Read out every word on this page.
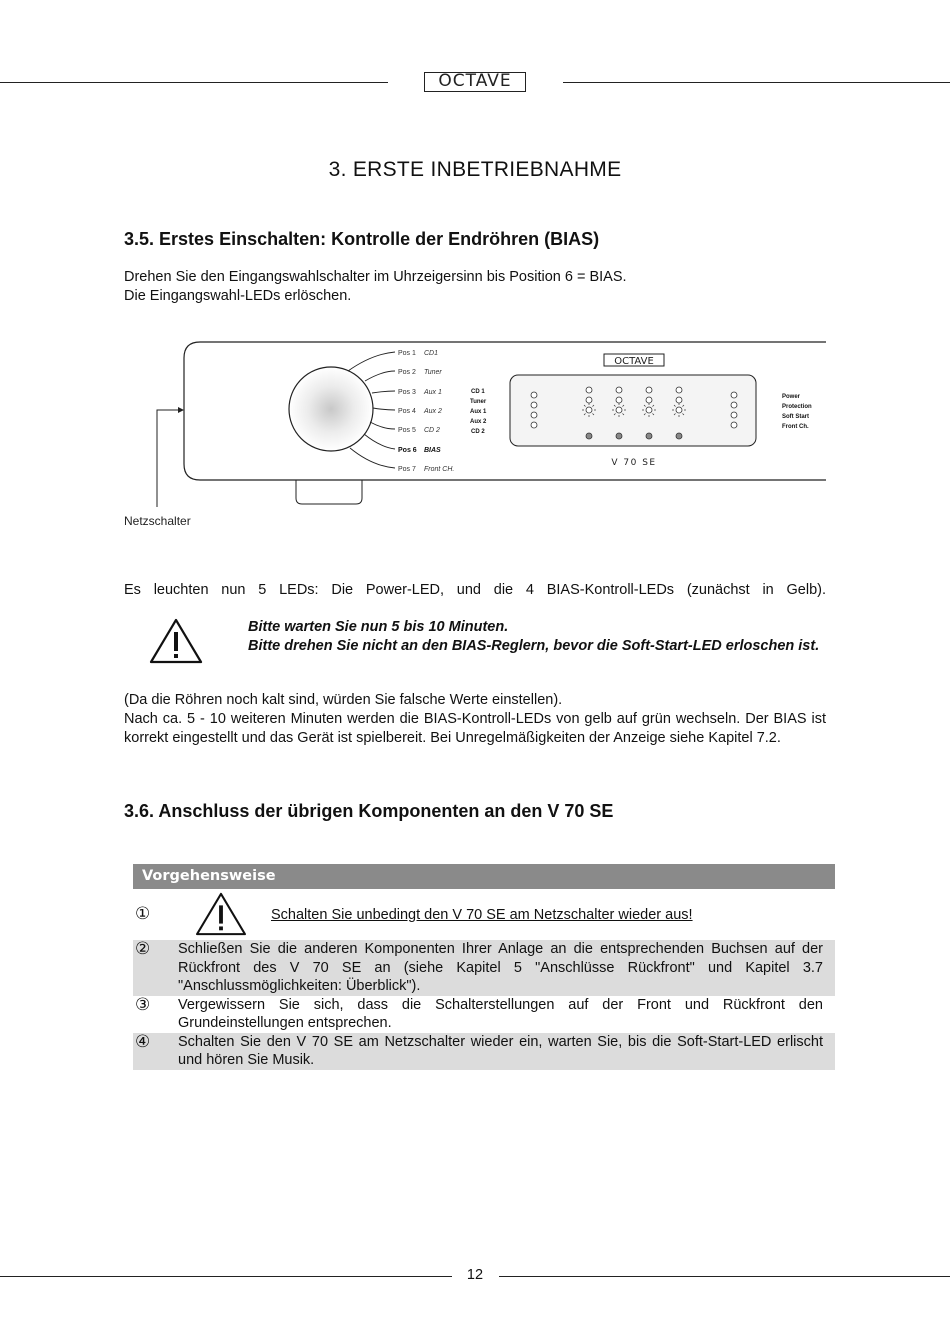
OCTAVE
3. ERSTE INBETRIEBNAHME
3.5. Erstes Einschalten: Kontrolle der Endröhren (BIAS)
Drehen Sie den Eingangswahlschalter im Uhrzeigersinn bis Position 6 = BIAS.
Die Eingangswahl-LEDs erlöschen.
Pos 1
Pos 2
Pos 3
Pos 4
Pos 5
Pos 6
Pos 7
CD1
Tuner
Aux 1
Aux 2
CD 2
BIAS
Front CH.
CD 1
Tuner
Aux 1
Aux 2
CD 2
OCTAVE
Power
Protection
Soft Start
Front Ch.
V 70 SE
Netzschalter
Es leuchten nun 5 LEDs: Die Power-LED, und die 4 BIAS-Kontroll-LEDs (zunächst in Gelb).
Bitte warten Sie nun 5 bis 10 Minuten.
Bitte drehen Sie nicht an den BIAS-Reglern, bevor die Soft-Start-LED erloschen ist.
(Da die Röhren noch kalt sind, würden Sie falsche Werte einstellen).
Nach ca. 5 - 10 weiteren Minuten werden die BIAS-Kontroll-LEDs von gelb auf grün wechseln. Der BIAS ist korrekt eingestellt und das Gerät ist spielbereit. Bei Unregelmäßigkeiten der Anzeige siehe Kapitel 7.2.
3.6. Anschluss der übrigen Komponenten an den V 70 SE
Vorgehensweise
①	Schalten Sie unbedingt den V 70 SE am Netzschalter wieder aus!
②	Schließen Sie die anderen Komponenten Ihrer Anlage an die entsprechenden Buchsen auf der Rückfront des V 70 SE an (siehe Kapitel 5 "Anschlüsse Rückfront" und Kapitel 3.7 "Anschlussmöglichkeiten: Überblick").
③	Vergewissern Sie sich, dass die Schalterstellungen auf der Front und Rückfront den Grundeinstellungen entsprechen.
④	Schalten Sie den V 70 SE am Netzschalter wieder ein, warten Sie, bis die Soft-Start-LED erlischt und hören Sie Musik.
12
